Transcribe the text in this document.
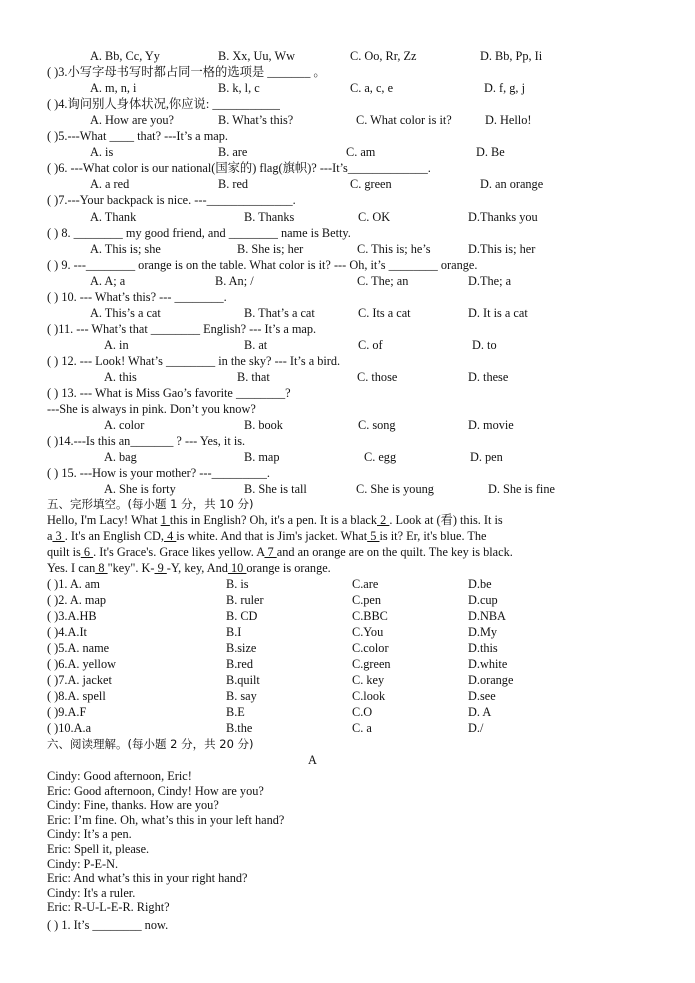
A. Bb, Cc, Yy	B. Xx, Uu, Ww	C. Oo, Rr, Zz	D. Bb, Pp, Ii
( )3.小写字母书写时都占同一格的选项是 _______ 。
A. m, n, i	B. k, l, c	C. a, c, e	D. f, g, j
( )4.询问别人身体状况,你应说: ___________
A. How are you?	B. What’s this?	C. What color is it?	D. Hello!
( )5.---What ____ that? ---It’s a map.
A. is	B. are	C. am	D. Be
( )6. ---What color is our national(国家的) flag(旗帜)? ---It’s_____________.
A. a red	B. red	C. green	D. an orange
( )7.---Your backpack is nice. ---______________.
A. Thank	B. Thanks	C. OK	D.Thanks you
( ) 8. ________ my good friend, and ________ name is Betty.
A. This is; she	B. She is; her	C. This is; he’s	D.This is; her
( ) 9. ---________ orange is on the table. What color is it? --- Oh, it’s ________ orange.
A. A; a	B. An; /	C. The; an	D.The; a
( ) 10. --- What’s this? --- ________.
A. This’s a cat	B. That’s a cat	C. Its a cat	D. It is a cat
( )11. --- What’s that ________ English? --- It’s a map.
A. in	B. at	C. of	D. to
( ) 12. --- Look! What’s ________ in the sky? --- It’s a bird.
A. this	B. that	C. those	D. these
( ) 13. --- What is Miss Gao’s favorite ________?
---She is always in pink. Don’t you know?
A. color	B. book	C. song	D. movie
( )14.---Is this an_______ ? --- Yes, it is.
A. bag	B. map	C. egg	D. pen
( ) 15. ---How is your mother? ---_________.
A. She is forty	B. She is tall	C. She is young	D. She is fine
五、完形填空。(每小题 1 分，共 10 分)
Hello, I'm Lacy! What 1 this in English? Oh, it's a pen. It is a black 2 . Look at (看) this. It is
a 3 . It's an English CD, 4 is white. And that is Jim's jacket. What 5 is it? Er, it's blue. The
quilt is 6 . It's Grace's. Grace likes yellow. A 7 and an orange are on the quilt. The key is black.
Yes. I can 8 "key". K- 9 -Y, key, And 10 orange is orange.
( )1. A. am	B. is	C.are	D.be
( )2. A. map	B. ruler	C.pen	D.cup
( )3.A.HB	B. CD	C.BBC	D.NBA
( )4.A.It	B.I	C.You	D.My
( )5.A. name	B.size	C.color	D.this
( )6.A. yellow	B.red	C.green	D.white
( )7.A. jacket	B.quilt	C. key	D.orange
( )8.A. spell	B. say	C.look	D.see
( )9.A.F	B.E	C.O	D. A
( )10.A.a	B.the	C. a	D./
六、阅读理解。(每小题 2 分，共 20 分)
A
Cindy: Good afternoon, Eric!
Eric: Good afternoon, Cindy! How are you?
Cindy: Fine, thanks. How are you?
Eric: I’m fine. Oh, what’s this in your left hand?
Cindy: It’s a pen.
Eric: Spell it, please.
Cindy: P-E-N.
Eric: And what’s this in your right hand?
Cindy: It's a ruler.
Eric: R-U-L-E-R. Right?
( ) 1. It’s ________ now.
